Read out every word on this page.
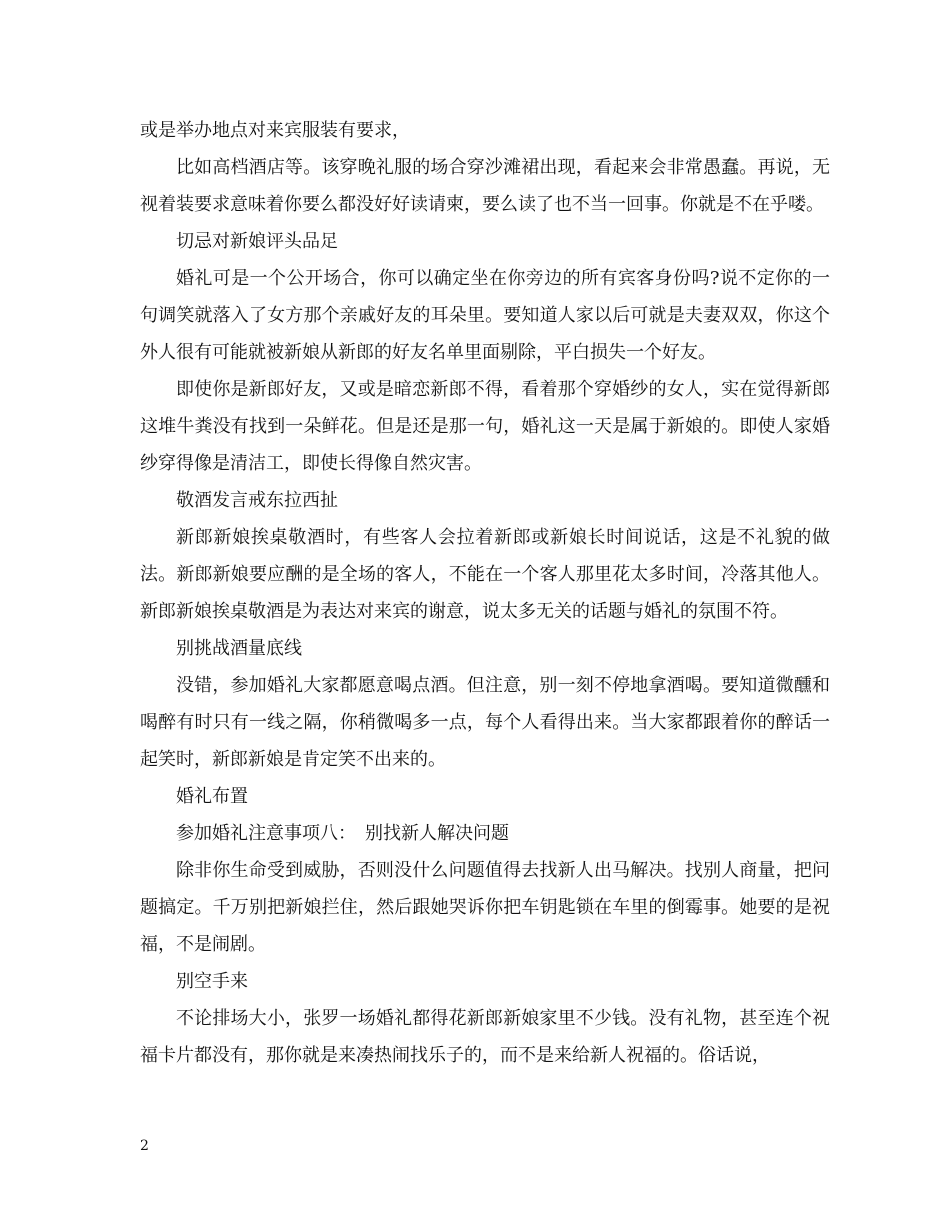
或是举办地点对来宾服装有要求，

比如高档酒店等。该穿晚礼服的场合穿沙滩裙出现，看起来会非常愚蠢。再说，无视着装要求意味着你要么都没好好读请柬，要么读了也不当一回事。你就是不在乎喽。

切忌对新娘评头品足

婚礼可是一个公开场合，你可以确定坐在你旁边的所有宾客身份吗?说不定你的一句调笑就落入了女方那个亲戚好友的耳朵里。要知道人家以后可就是夫妻双双，你这个外人很有可能就被新娘从新郎的好友名单里面剔除，平白损失一个好友。

即使你是新郎好友，又或是暗恋新郎不得，看着那个穿婚纱的女人，实在觉得新郎这堆牛粪没有找到一朵鲜花。但是还是那一句，婚礼这一天是属于新娘的。即使人家婚纱穿得像是清洁工，即使长得像自然灾害。

敬酒发言戒东拉西扯

新郎新娘挨桌敬酒时，有些客人会拉着新郎或新娘长时间说话，这是不礼貌的做法。新郎新娘要应酬的是全场的客人，不能在一个客人那里花太多时间，冷落其他人。新郎新娘挨桌敬酒是为表达对来宾的谢意，说太多无关的话题与婚礼的氛围不符。

别挑战酒量底线

没错，参加婚礼大家都愿意喝点酒。但注意，别一刻不停地拿酒喝。要知道微醺和喝醉有时只有一线之隔，你稍微喝多一点，每个人看得出来。当大家都跟着你的醉话一起笑时，新郎新娘是肯定笑不出来的。

婚礼布置

参加婚礼注意事项八：　别找新人解决问题

除非你生命受到威胁，否则没什么问题值得去找新人出马解决。找别人商量，把问题搞定。千万别把新娘拦住，然后跟她哭诉你把车钥匙锁在车里的倒霉事。她要的是祝福，不是闹剧。

别空手来

不论排场大小，张罗一场婚礼都得花新郎新娘家里不少钱。没有礼物，甚至连个祝福卡片都没有，那你就是来凑热闹找乐子的，而不是来给新人祝福的。俗话说，

2
